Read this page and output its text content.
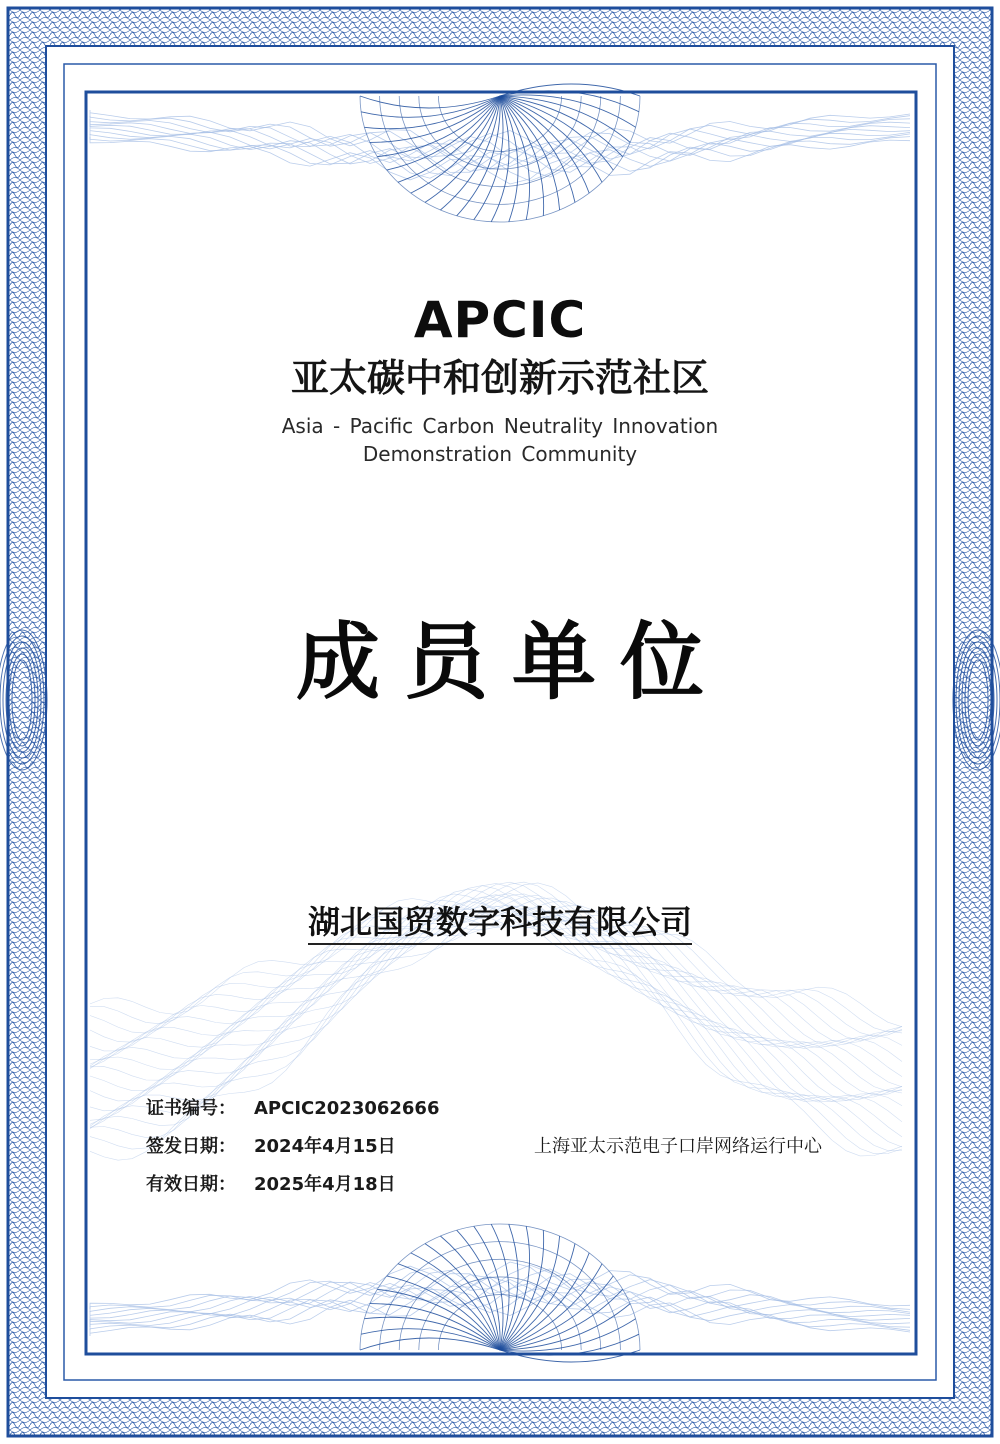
APCIC
亚太碳中和创新示范社区
Asia - Pacific Carbon Neutrality Innovation
Demonstration Community
成员单位
湖北国贸数字科技有限公司
证书编号： APCIC2023062666
签发日期： 2024年4月15日	上海亚太示范电子口岸网络运行中心
有效日期： 2025年4月18日
